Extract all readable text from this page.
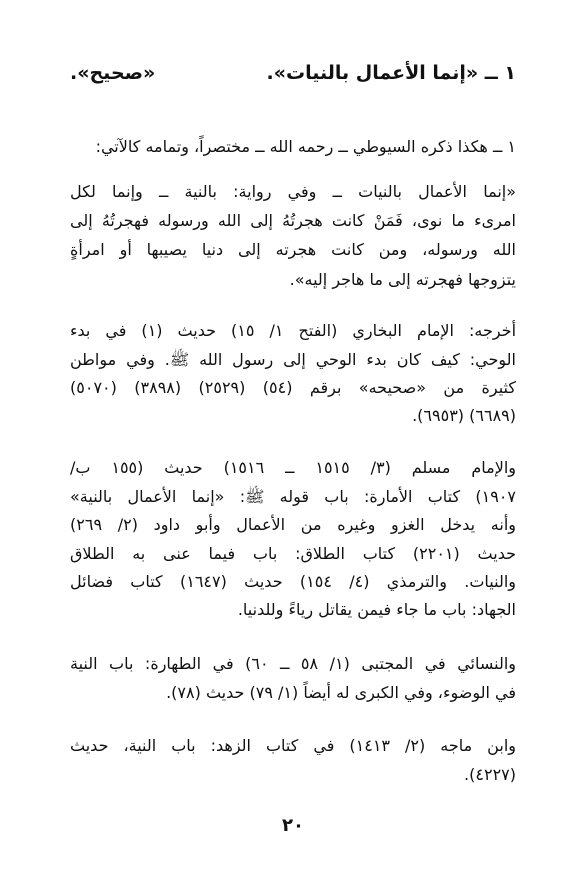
١ ــ «إنما الأعمال بالنيات».
«صحيح».
١ ــ هكذا ذكره السيوطي ــ رحمه الله ــ مختصراً، وتمامه كالآتي:
«إنما الأعمال بالنيات ــ وفي رواية: بالنية ــ وإنما لكل
امرىء ما نوى، فَمَنْ كانت هجرتُهُ إلى الله ورسوله فهجرتُهُ إلى
الله ورسوله، ومن كانت هجرته إلى دنيا يصيبها أو امرأةٍ
يتزوجها فهجرته إلى ما هاجر إليه».
أخرجه: الإمام البخاري (الفتح ١/ ١٥) حديث (١) في بدء
الوحي: كيف كان بدء الوحي إلى رسول الله ﷺ. وفي مواطن
كثيرة من «صحيحه» برقم (٥٤) (٢٥٢٩) (٣٨٩٨) (٥٠٧٠)
(٦٦٨٩) (٦٩٥٣).
والإمام مسلم (٣/ ١٥١٥ ــ ١٥١٦) حديث (١٥٥ ب/
١٩٠٧) كتاب الأمارة: باب قوله ﷺ: «إنما الأعمال بالنية»
وأنه يدخل الغزو وغيره من الأعمال وأبو داود (٢/ ٢٦٩)
حديث (٢٢٠١) كتاب الطلاق: باب فيما عنى به الطلاق
والنيات. والترمذي (٤/ ١٥٤) حديث (١٦٤٧) كتاب فضائل
الجهاد: باب ما جاء فيمن يقاتل رياءً وللدنيا.
والنسائي في المجتبى (١/ ٥٨ ــ ٦٠) في الطهارة: باب النية
في الوضوء، وفي الكبرى له أيضاً (١/ ٧٩) حديث (٧٨).
وابن ماجه (٢/ ١٤١٣) في كتاب الزهد: باب النية، حديث
(٤٢٢٧).
٢٠
